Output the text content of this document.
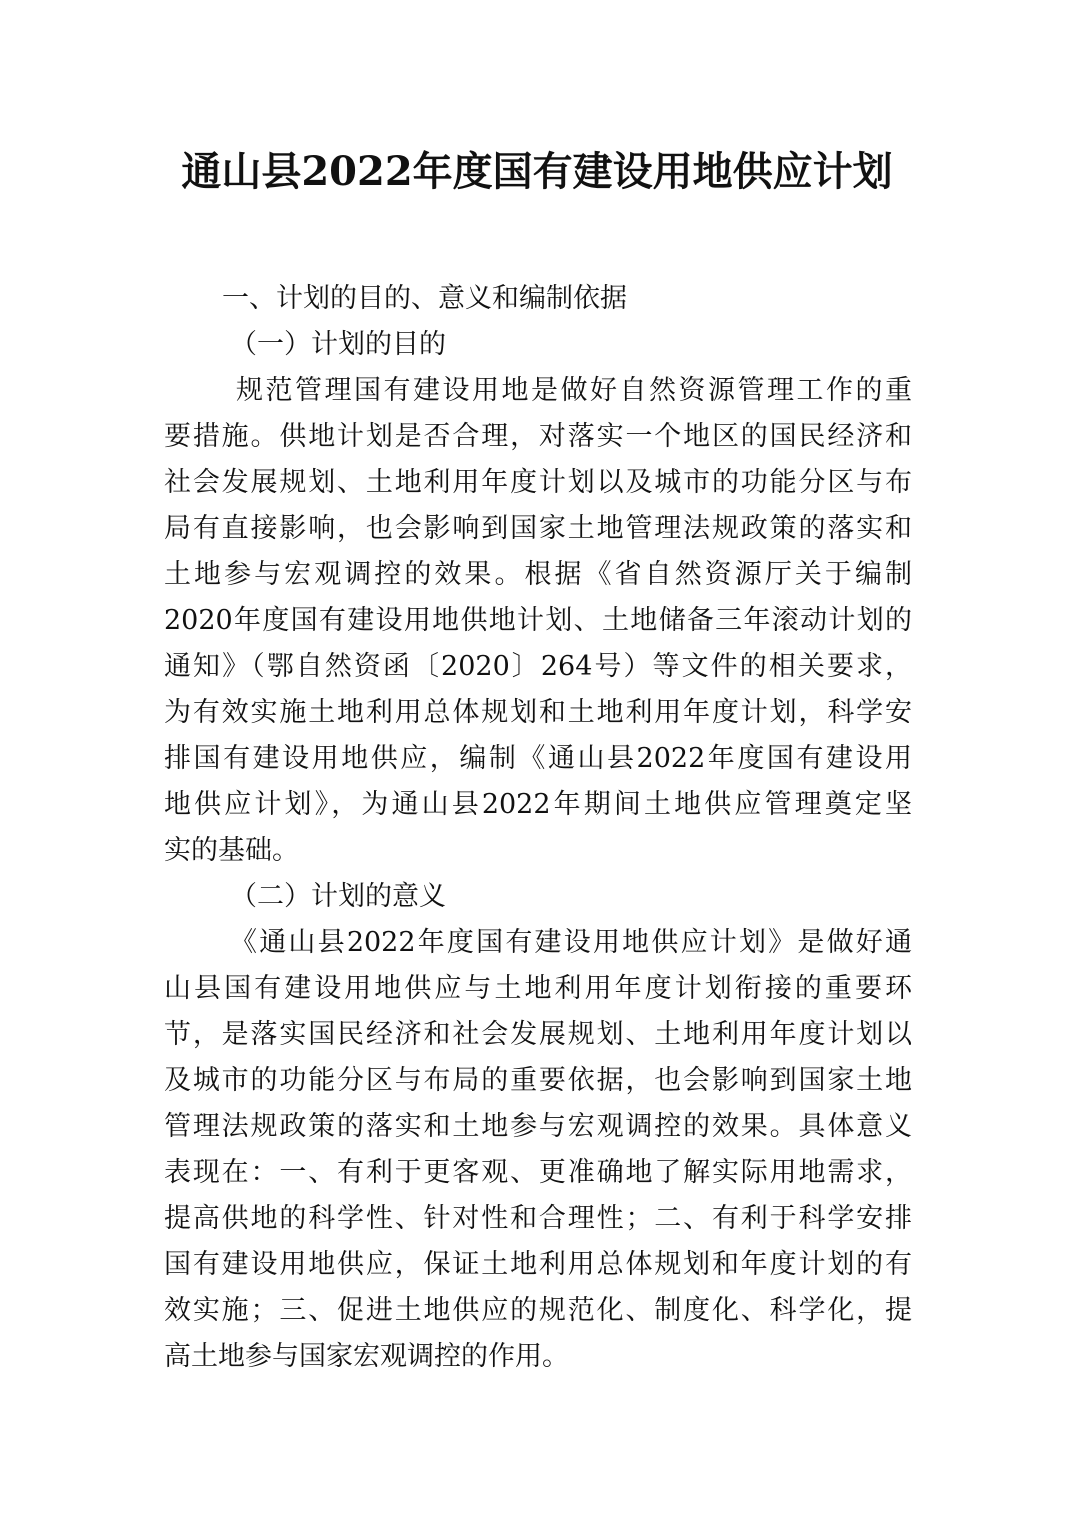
通山县2022年度国有建设用地供应计划

一、计划的目的、意义和编制依据

（一）计划的目的

规范管理国有建设用地是做好自然资源管理工作的重

要措施。供地计划是否合理，对落实一个地区的国民经济和

社会发展规划、土地利用年度计划以及城市的功能分区与布

局有直接影响，也会影响到国家土地管理法规政策的落实和

土地参与宏观调控的效果。根据《省自然资源厅关于编制

2020年度国有建设用地供地计划、土地储备三年滚动计划的

通知》（鄂自然资函〔2020〕264号）等文件的相关要求，

为有效实施土地利用总体规划和土地利用年度计划，科学安

排国有建设用地供应，编制《通山县2022年度国有建设用

地供应计划》，为通山县2022年期间土地供应管理奠定坚

实的基础。

（二）计划的意义

《通山县2022年度国有建设用地供应计划》是做好通

山县国有建设用地供应与土地利用年度计划衔接的重要环

节，是落实国民经济和社会发展规划、土地利用年度计划以

及城市的功能分区与布局的重要依据，也会影响到国家土地

管理法规政策的落实和土地参与宏观调控的效果。具体意义

表现在：一、有利于更客观、更准确地了解实际用地需求，

提高供地的科学性、针对性和合理性；二、有利于科学安排

国有建设用地供应，保证土地利用总体规划和年度计划的有

效实施；三、促进土地供应的规范化、制度化、科学化，提

高土地参与国家宏观调控的作用。
